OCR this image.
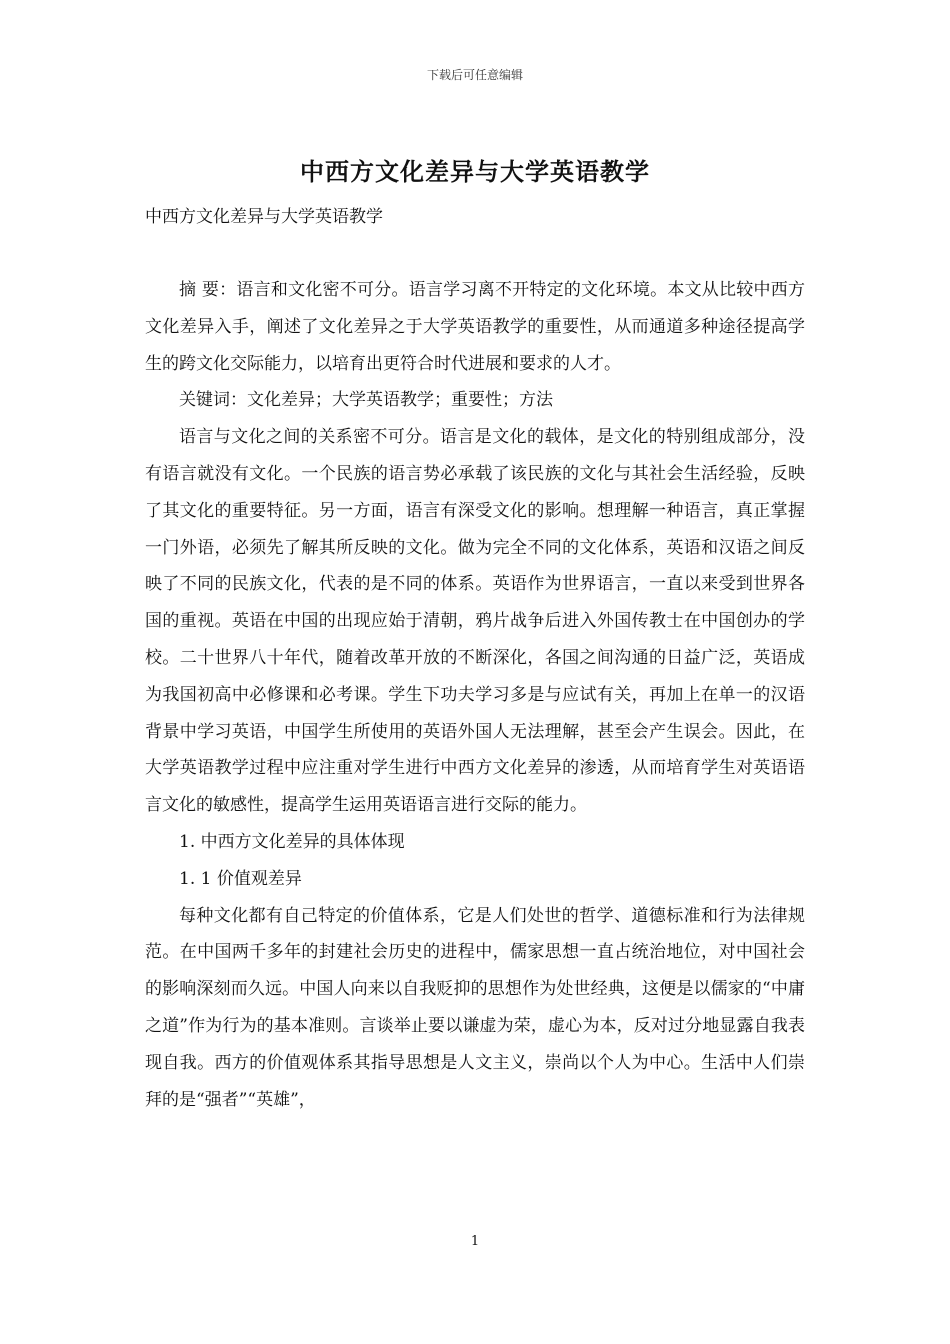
下载后可任意编辑
中西方文化差异与大学英语教学
中西方文化差异与大学英语教学

摘 要：语言和文化密不可分。语言学习离不开特定的文化环境。本文从比较中西方文化差异入手，阐述了文化差异之于大学英语教学的重要性，从而通道多种途径提高学生的跨文化交际能力，以培育出更符合时代进展和要求的人才。

关键词：文化差异；大学英语教学；重要性；方法

语言与文化之间的关系密不可分。语言是文化的载体，是文化的特别组成部分，没有语言就没有文化。一个民族的语言势必承载了该民族的文化与其社会生活经验，反映了其文化的重要特征。另一方面，语言有深受文化的影响。想理解一种语言，真正掌握一门外语，必须先了解其所反映的文化。做为完全不同的文化体系，英语和汉语之间反映了不同的民族文化，代表的是不同的体系。英语作为世界语言，一直以来受到世界各国的重视。英语在中国的出现应始于清朝，鸦片战争后进入外国传教士在中国创办的学校。二十世界八十年代，随着改革开放的不断深化，各国之间沟通的日益广泛，英语成为我国初高中必修课和必考课。学生下功夫学习多是与应试有关，再加上在单一的汉语背景中学习英语，中国学生所使用的英语外国人无法理解，甚至会产生误会。因此，在大学英语教学过程中应注重对学生进行中西方文化差异的渗透，从而培育学生对英语语言文化的敏感性，提高学生运用英语语言进行交际的能力。

1. 中西方文化差异的具体体现

1. 1 价值观差异

每种文化都有自己特定的价值体系，它是人们处世的哲学、道德标准和行为法律规范。在中国两千多年的封建社会历史的进程中，儒家思想一直占统治地位，对中国社会的影响深刻而久远。中国人向来以自我贬抑的思想作为处世经典，这便是以儒家的“中庸之道”作为行为的基本准则。言谈举止要以谦虚为荣，虚心为本，反对过分地显露自我表现自我。西方的价值观体系其指导思想是人文主义，崇尚以个人为中心。生活中人们崇拜的是“强者”“英雄”，

1
